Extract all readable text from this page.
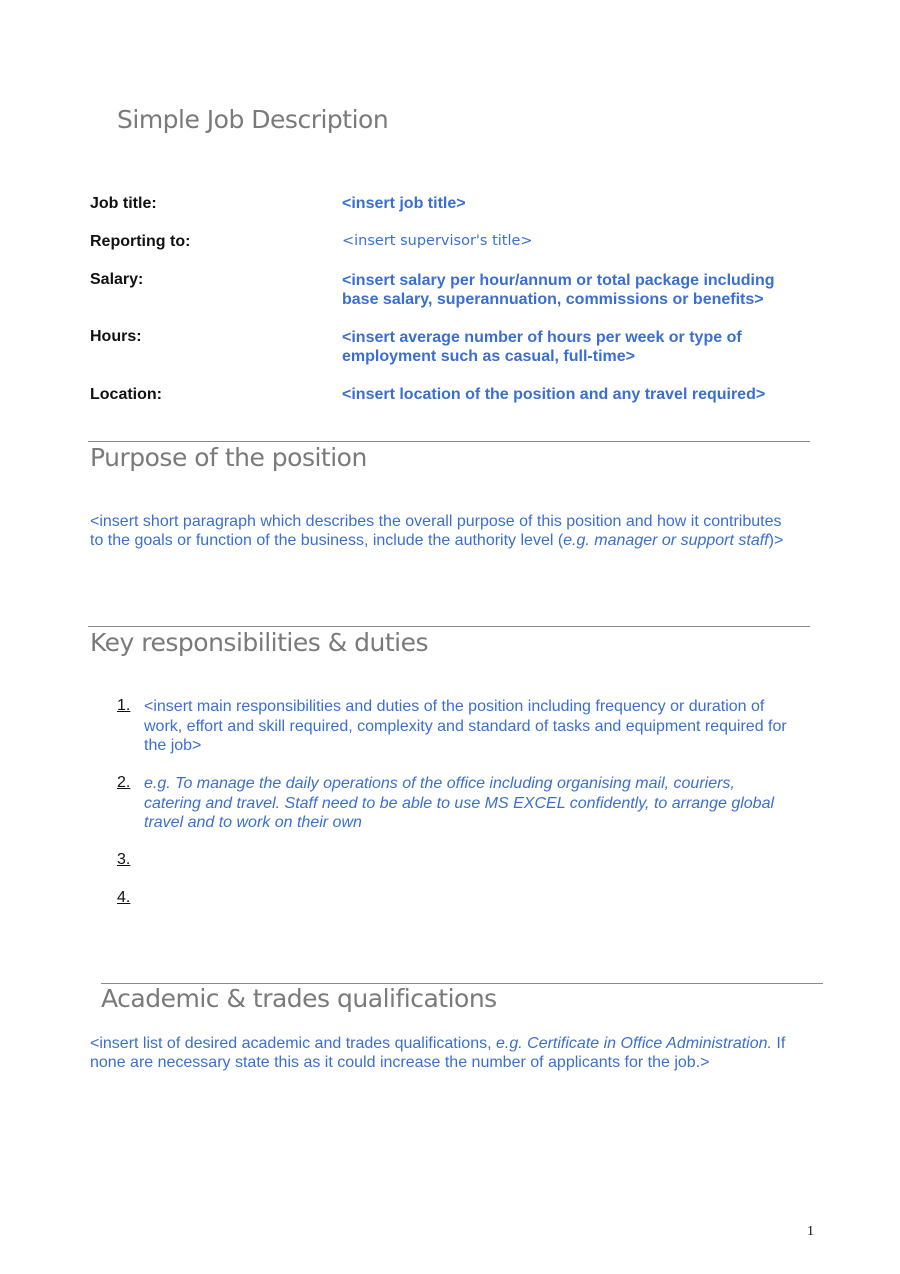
Simple Job Description
Job title:	<insert job title>
Reporting to:	<insert supervisor's title>
Salary:	<insert salary per hour/annum or total package including
base salary, superannuation, commissions or benefits>
Hours:	<insert average number of hours per week or type of
employment such as casual, full-time>
Location:	<insert location of the position and any travel required>
Purpose of the position
<insert short paragraph which describes the overall purpose of this position and how it contributes
to the goals or function of the business, include the authority level (e.g. manager or support staff)>
Key responsibilities & duties
1. <insert main responsibilities and duties of the position including frequency or duration of
work, effort and skill required, complexity and standard of tasks and equipment required for
the job>
2. e.g. To manage the daily operations of the office including organising mail, couriers,
catering and travel. Staff need to be able to use MS EXCEL confidently, to arrange global
travel and to work on their own
3.
4.
Academic & trades qualifications
<insert list of desired academic and trades qualifications, e.g. Certificate in Office Administration. If
none are necessary state this as it could increase the number of applicants for the job.>
1
